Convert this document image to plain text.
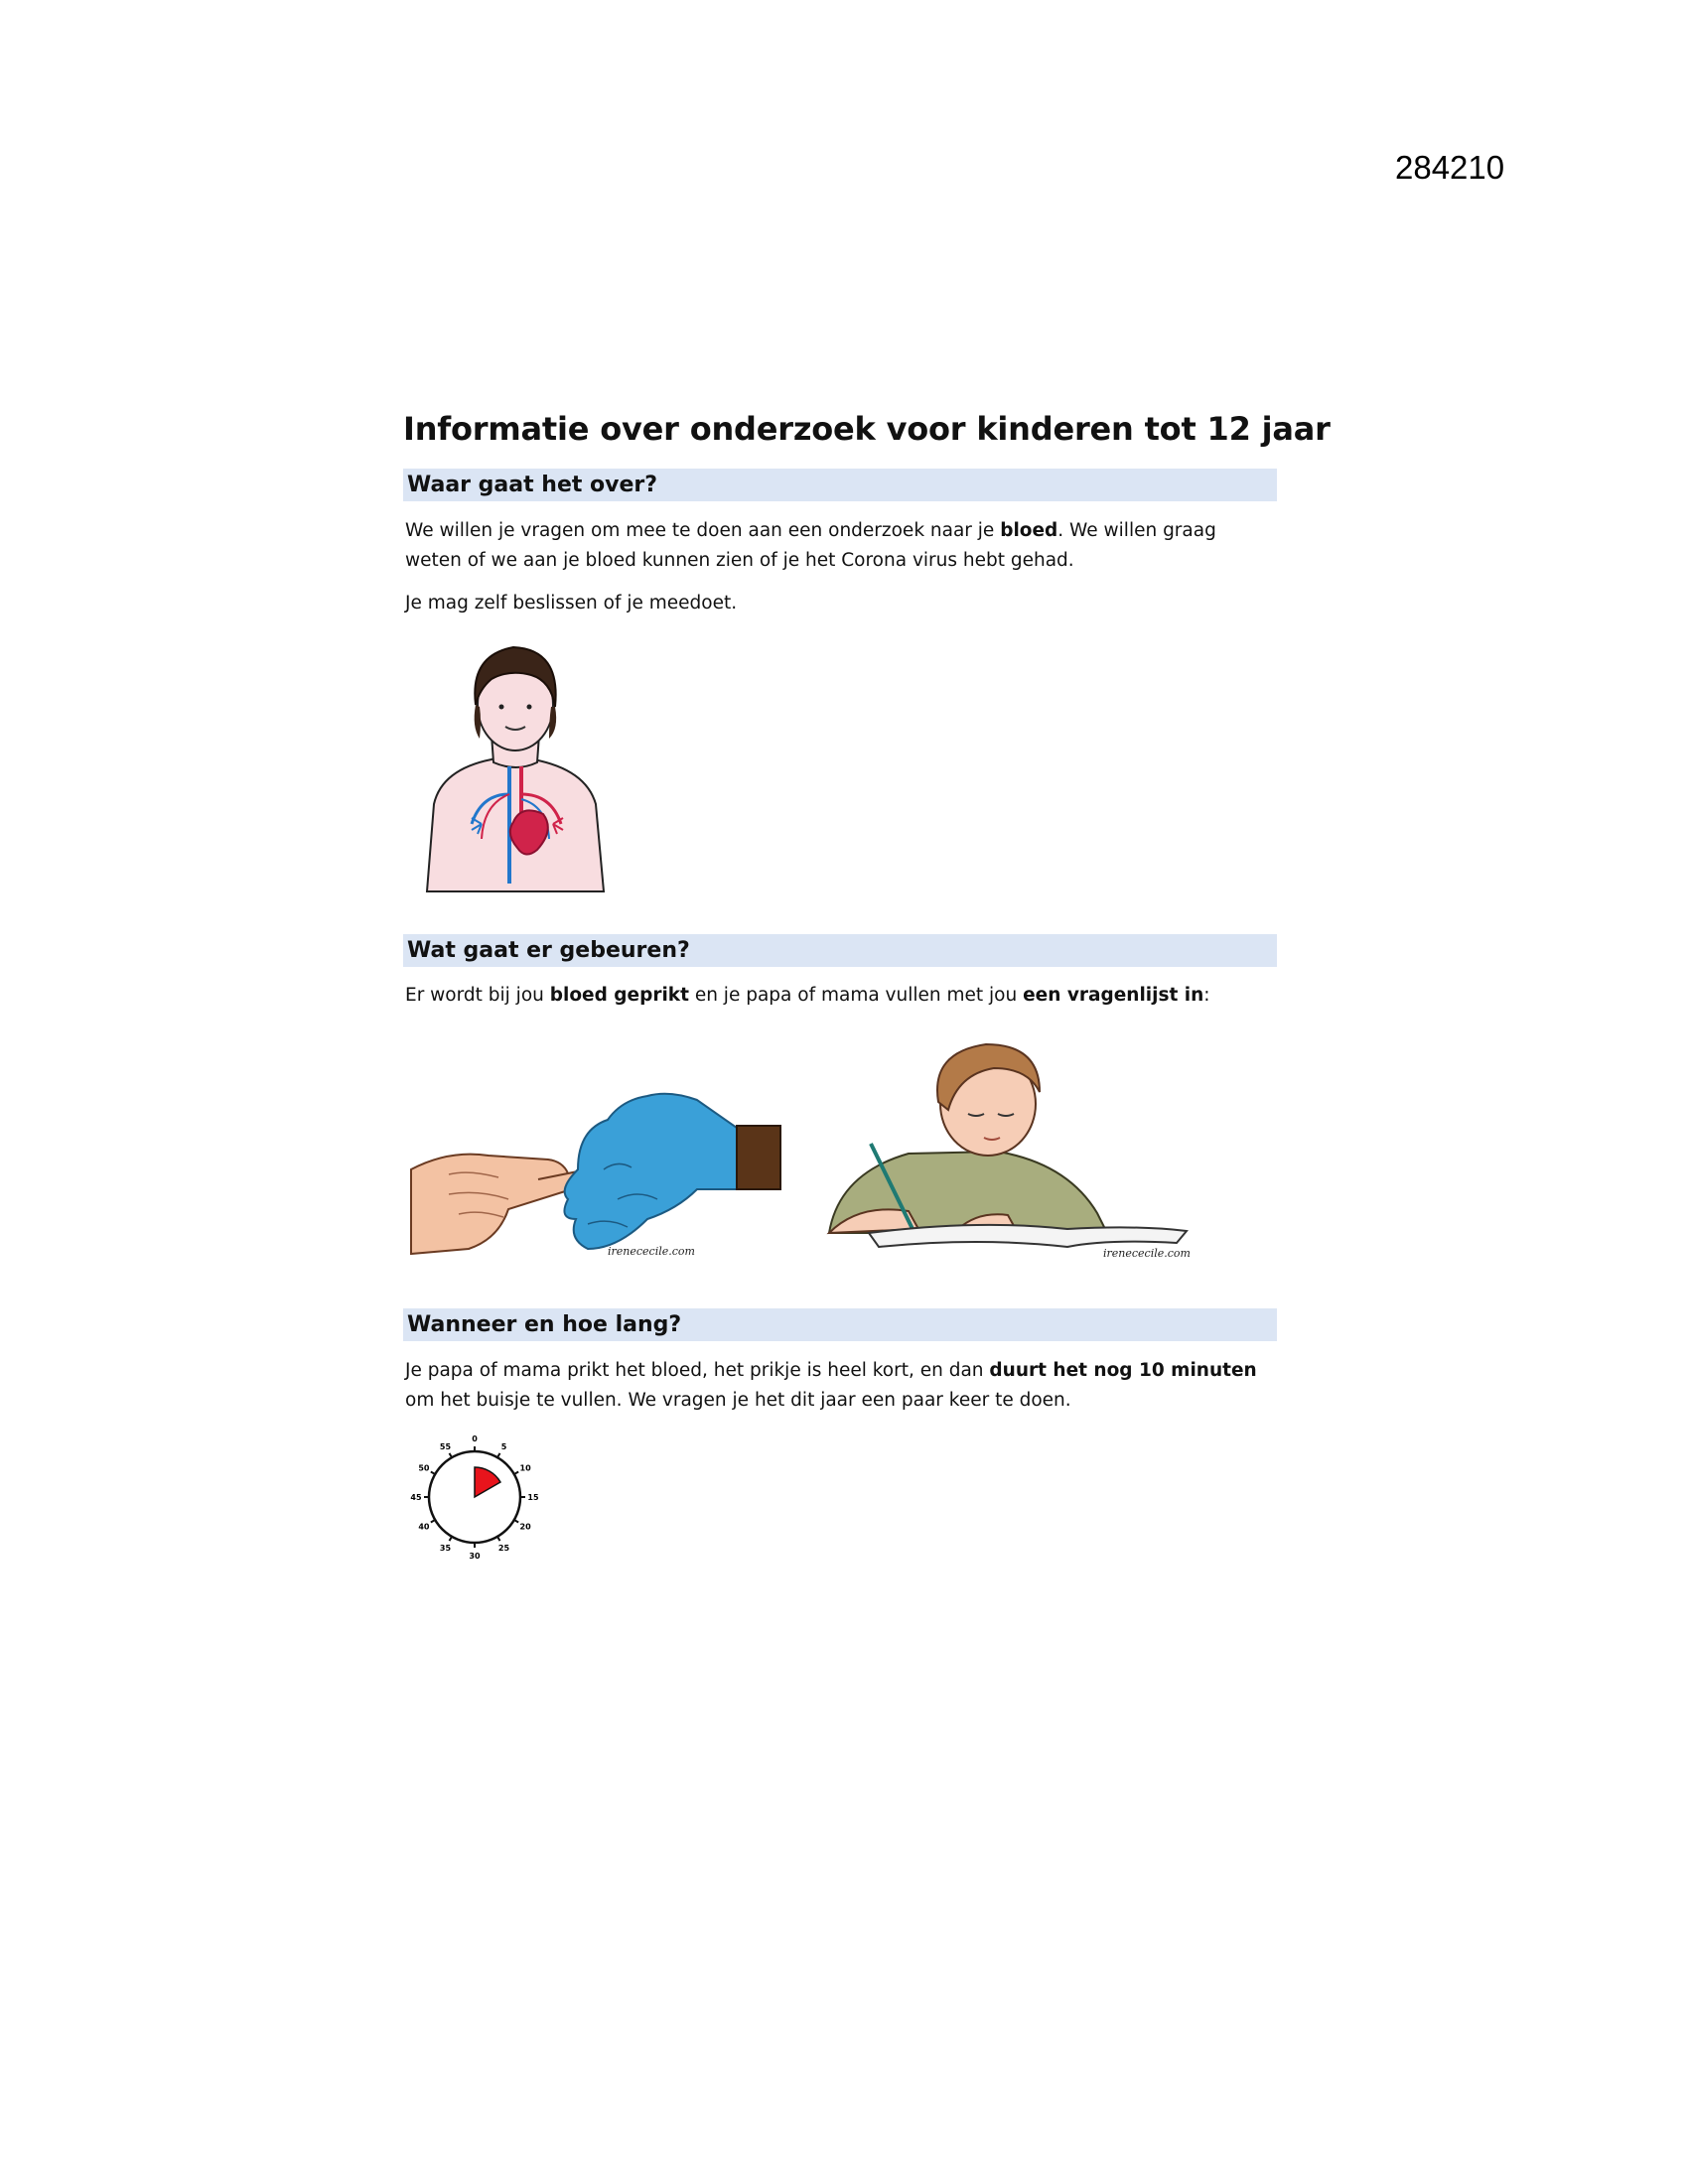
284210
Informatie over onderzoek voor kinderen tot 12 jaar
Waar gaat het over?

We willen je vragen om mee te doen aan een onderzoek naar je bloed. We willen graag weten of we aan je bloed kunnen zien of je het Corona virus hebt gehad.

Je mag zelf beslissen of je meedoet.

Wat gaat er gebeuren?

Er wordt bij jou bloed geprikt en je papa of mama vullen met jou een vragenlijst in:

irenececile.com	irenececile.com
Wanneer en hoe lang?

Je papa of mama prikt het bloed, het prikje is heel kort, en dan duurt het nog 10 minuten om het buisje te vullen. We vragen je het dit jaar een paar keer te doen.

0
5
10
15
20
25
30
35
40
45
50
55
